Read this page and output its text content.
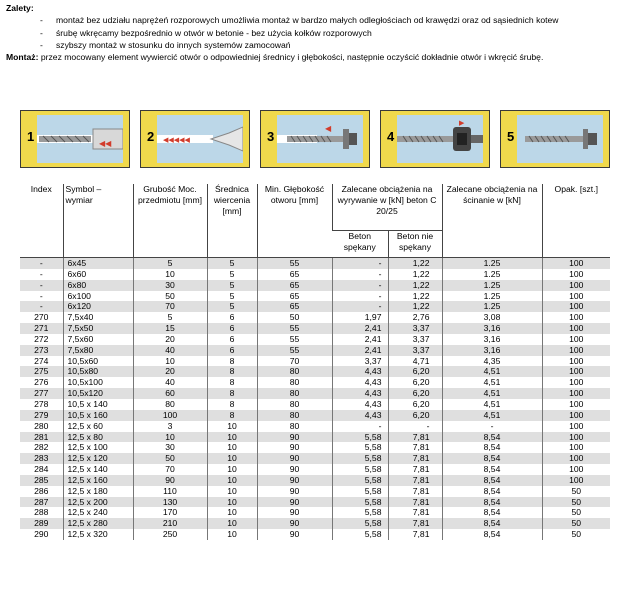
Zalety:
- montaż bez udziału naprężeń rozporowych umożliwia montaż w bardzo małych odległościach od krawędzi oraz od sąsiednich kotew
- śrubę wkręcamy bezpośrednio w otwór w betonie - bez użycia kołków rozporowych
- szybszy montaż w stosunku do innych systemów zamocowań
Montaż: przez mocowany element wywiercić otwór o odpowiedniej średnicy i głębokości, następnie oczyścić dokładnie otwór i wkręcić śrubę.
1	◀◀	2 ◀◀◀◀◀	3
◀
4
▶
5
Index	Symbol – wymiar	Grubość Moc. przedmiotu [mm]	Średnica wiercenia [mm]	Min. Głębokość otworu [mm]	Zalecane obciążenia na wyrywanie w [kN] beton C 20/25		Zalecane obciążenia na ścinanie w [kN]	Opak. [szt.]
					Beton spękany	Beton nie spękany		
-	6x45	5	5	55	-	1,22	1.25	100
-	6x60	10	5	65	-	1,22	1.25	100
-	6x80	30	5	65	-	1,22	1.25	100
-	6x100	50	5	65	-	1,22	1.25	100
-	6x120	70	5	65	-	1,22	1.25	100
270	7,5x40	5	6	50	1,97	2,76	3,08	100
271	7,5x50	15	6	55	2,41	3,37	3,16	100
272	7,5x60	20	6	55	2,41	3,37	3,16	100
273	7,5x80	40	6	55	2,41	3,37	3,16	100
274	10,5x60	10	8	70	3,37	4,71	4,35	100
275	10,5x80	20	8	80	4,43	6,20	4,51	100
276	10,5x100	40	8	80	4,43	6,20	4,51	100
277	10,5x120	60	8	80	4,43	6,20	4,51	100
278	10,5 x 140	80	8	80	4,43	6,20	4,51	100
279	10,5 x 160	100	8	80	4,43	6,20	4,51	100
280	12,5 x 60	3	10	80	-	-	-	100
281	12,5 x 80	10	10	90	5,58	7,81	8,54	100
282	12,5 x 100	30	10	90	5,58	7,81	8,54	100
283	12,5 x 120	50	10	90	5,58	7,81	8,54	100
284	12,5 x 140	70	10	90	5,58	7,81	8,54	100
285	12,5 x 160	90	10	90	5,58	7,81	8,54	100
286	12,5 x 180	110	10	90	5,58	7,81	8,54	50
287	12,5 x 200	130	10	90	5,58	7,81	8,54	50
288	12,5 x 240	170	10	90	5,58	7,81	8,54	50
289	12,5 x 280	210	10	90	5,58	7,81	8,54	50
290	12,5 x 320	250	10	90	5,58	7,81	8,54	50
